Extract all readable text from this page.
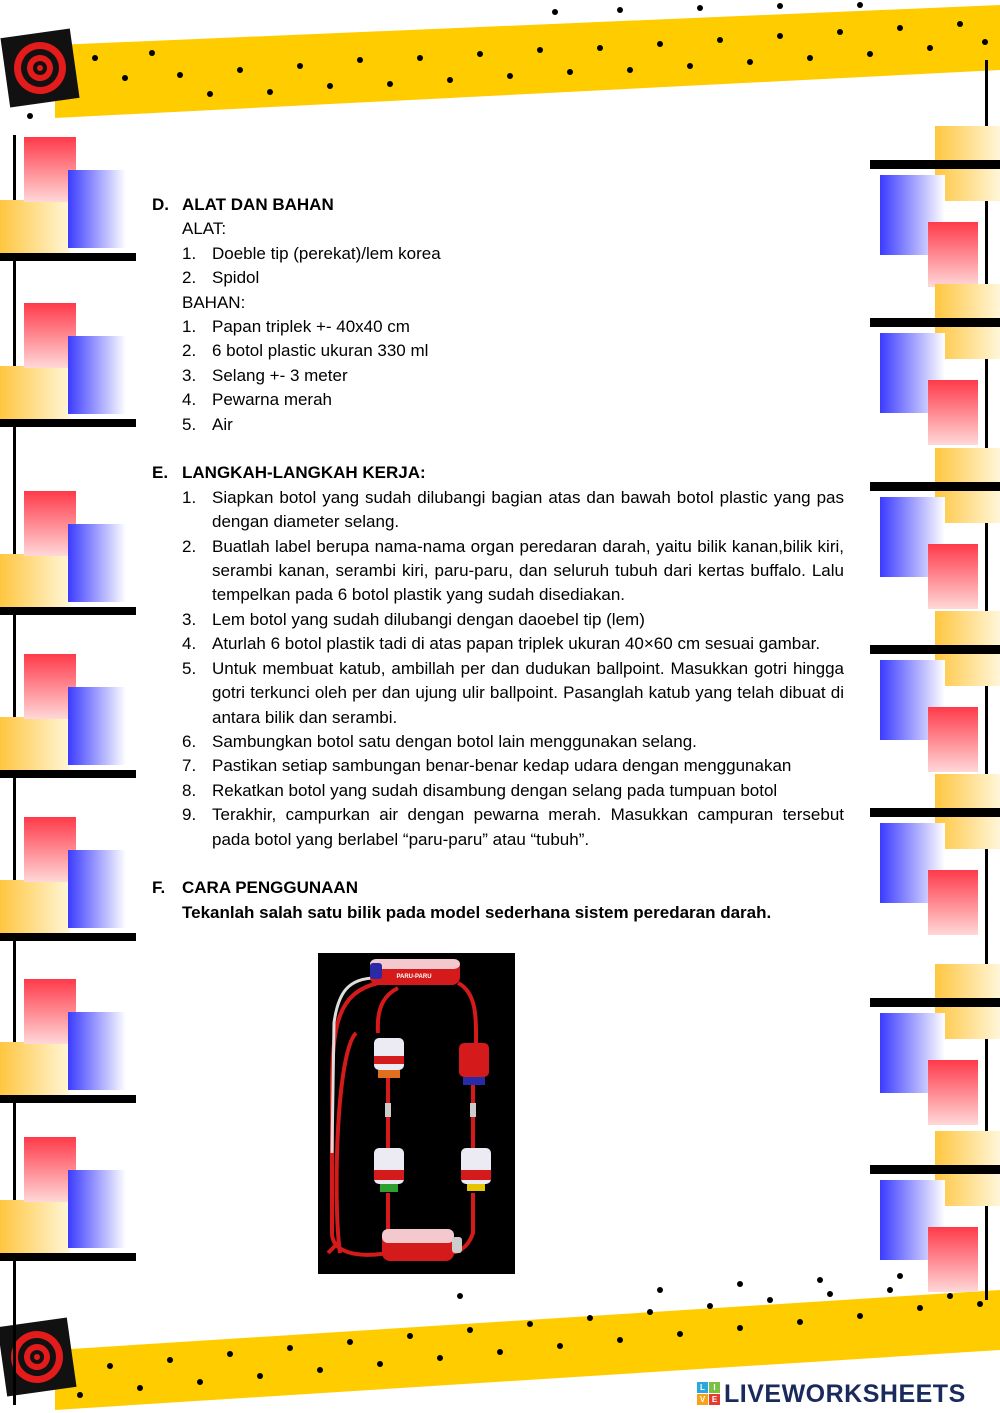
D. ALAT DAN BAHAN
ALAT:
1. Doeble tip (perekat)/lem korea
2. Spidol
BAHAN:
1. Papan triplek +- 40x40 cm
2. 6 botol plastic ukuran 330 ml
3. Selang +- 3 meter
4. Pewarna merah
5. Air
E. LANGKAH-LANGKAH KERJA:
1. Siapkan botol yang sudah dilubangi bagian atas dan bawah botol plastic yang pas dengan diameter selang.
2. Buatlah label berupa nama-nama organ peredaran darah, yaitu bilik kanan,bilik kiri, serambi kanan, serambi kiri, paru-paru, dan seluruh tubuh dari kertas buffalo. Lalu tempelkan pada 6 botol plastik yang sudah disediakan.
3. Lem botol yang sudah dilubangi dengan daoebel tip (lem)
4. Aturlah 6 botol plastik tadi di atas papan triplek ukuran 40×60 cm sesuai gambar.
5. Untuk membuat katub, ambillah per dan dudukan ballpoint. Masukkan gotri hingga gotri terkunci oleh per dan ujung ulir ballpoint. Pasanglah katub yang telah dibuat di antara bilik dan serambi.
6. Sambungkan botol satu dengan botol lain menggunakan selang.
7. Pastikan setiap sambungan benar-benar kedap udara dengan menggunakan
8. Rekatkan botol yang sudah disambung dengan selang pada tumpuan botol
9. Terakhir, campurkan air dengan pewarna merah. Masukkan campuran tersebut pada botol yang berlabel “paru-paru” atau “tubuh”.
F. CARA PENGGUNAAN
Tekanlah salah satu bilik pada model sederhana sistem peredaran darah.
PARU-PARU
L	I
V E LIVEWORKSHEETS
